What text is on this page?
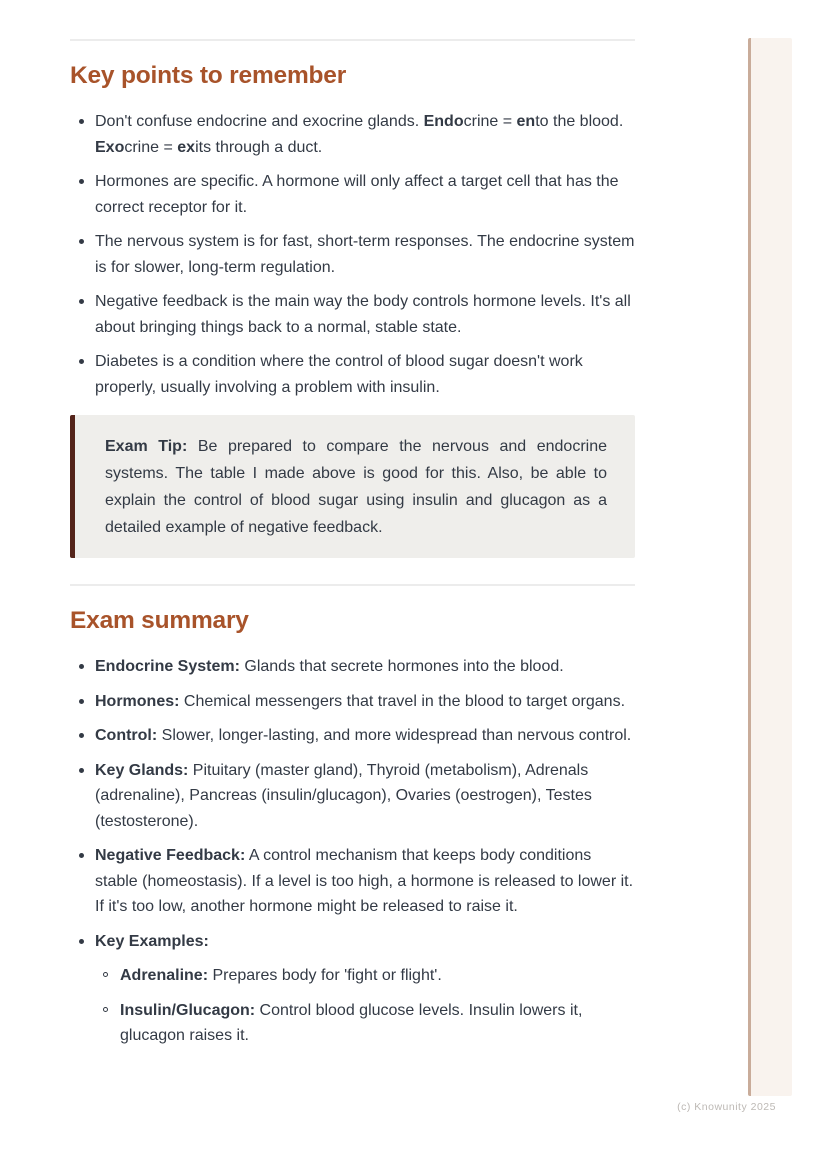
Key points to remember
Don't confuse endocrine and exocrine glands. Endocrine = ento the blood. Exocrine = exits through a duct.
Hormones are specific. A hormone will only affect a target cell that has the correct receptor for it.
The nervous system is for fast, short-term responses. The endocrine system is for slower, long-term regulation.
Negative feedback is the main way the body controls hormone levels. It's all about bringing things back to a normal, stable state.
Diabetes is a condition where the control of blood sugar doesn't work properly, usually involving a problem with insulin.

Exam Tip: Be prepared to compare the nervous and endocrine systems. The table I made above is good for this. Also, be able to explain the control of blood sugar using insulin and glucagon as a detailed example of negative feedback.

Exam summary
Endocrine System: Glands that secrete hormones into the blood.
Hormones: Chemical messengers that travel in the blood to target organs.
Control: Slower, longer-lasting, and more widespread than nervous control.
Key Glands: Pituitary (master gland), Thyroid (metabolism), Adrenals (adrenaline), Pancreas (insulin/glucagon), Ovaries (oestrogen), Testes (testosterone).
Negative Feedback: A control mechanism that keeps body conditions stable (homeostasis). If a level is too high, a hormone is released to lower it. If it's too low, another hormone might be released to raise it.
Key Examples:
Adrenaline: Prepares body for 'fight or flight'.
Insulin/Glucagon: Control blood glucose levels. Insulin lowers it, glucagon raises it.
(c) Knowunity 2025
